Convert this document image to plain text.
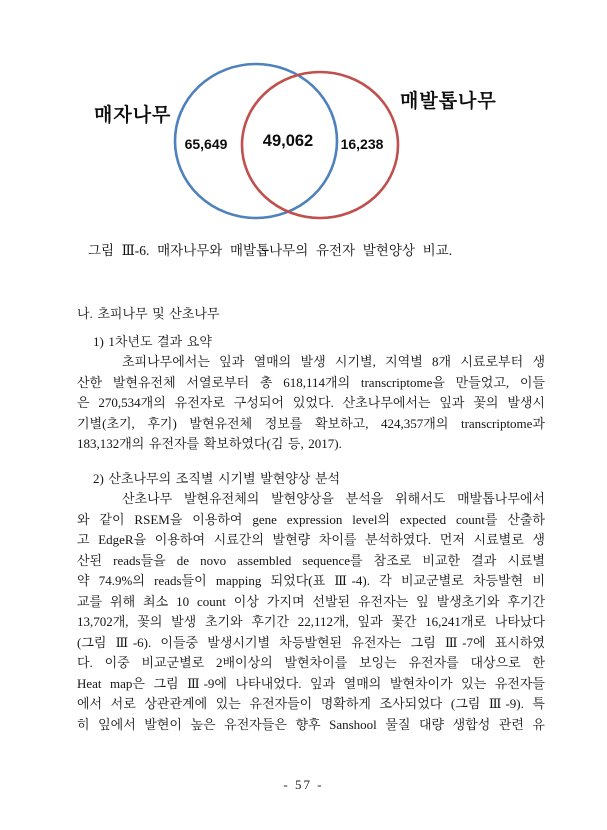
매자나무
매발톱나무
65,649 49,062 16,238
그림 Ⅲ-6. 매자나무와 매발톱나무의 유전자 발현양상 비교.
나. 초피나무 및 산초나무
1) 1차년도 결과 요약
초피나무에서는 잎과 열매의 발생 시기별, 지역별 8개 시료로부터 생
산한 발현유전체 서열로부터 총 618,114개의 transcriptome을 만들었고, 이들
은 270,534개의 유전자로 구성되어 있었다. 산초나무에서는 잎과 꽃의 발생시
기별(초기, 후기) 발현유전체 정보를 확보하고, 424,357개의 transcriptome과
183,132개의 유전자를 확보하였다(김 등, 2017).
2) 산초나무의 조직별 시기별 발현양상 분석
산초나무 발현유전체의 발현양상을 분석을 위해서도 매발톱나무에서
와 같이 RSEM을 이용하여 gene expression level의 expected count를 산출하
고 EdgeR을 이용하여 시료간의 발현량 차이를 분석하였다. 먼저 시료별로 생
산된 reads들을 de novo assembled sequence를 참조로 비교한 결과 시료별
약 74.9%의 reads들이 mapping 되었다(표 Ⅲ-4). 각 비교군별로 차등발현 비
교를 위해 최소 10 count 이상 가지며 선발된 유전자는 잎 발생초기와 후기간
13,702개, 꽃의 발생 초기와 후기간 22,112개, 잎과 꽃간 16,241개로 나타났다
(그림 Ⅲ-6). 이들중 발생시기별 차등발현된 유전자는 그림 Ⅲ-7에 표시하였
다. 이중 비교군별로 2배이상의 발현차이를 보잉는 유전자를 대상으로 한
Heat map은 그림 Ⅲ-9에 나타내었다. 잎과 열매의 발현차이가 있는 유전자들
에서 서로 상관관계에 있는 유전자들이 명확하게 조사되었다 (그림 Ⅲ-9). 특
히 잎에서 발현이 높은 유전자들은 향후 Sanshool 물질 대량 생합성 관련 유
- 57 -
